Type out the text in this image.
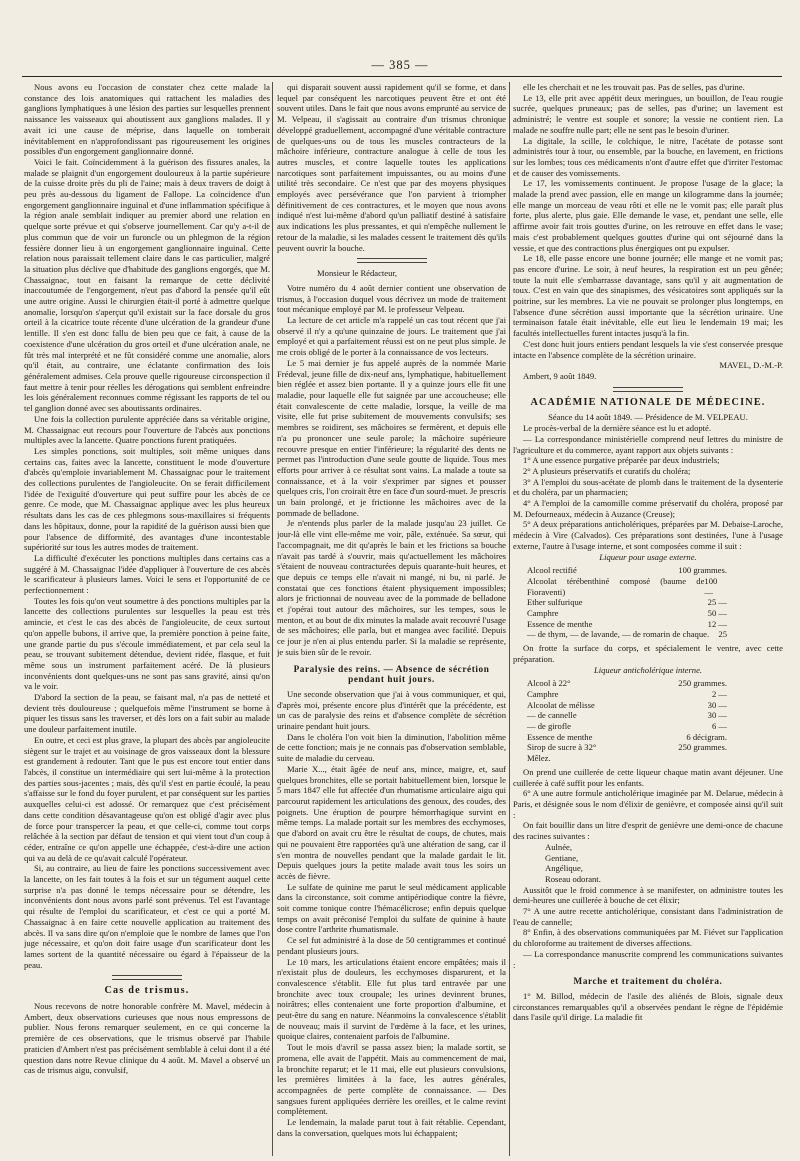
— 385 —

Nous avons eu l'occasion de constater chez cette malade la constance des lois anatomiques qui rattachent les maladies des ganglions lymphatiques à une lésion des parties sur lesquelles prennent naissance les vaisseaux qui aboutissent aux ganglions malades. Il y avait ici une cause de méprise, dans laquelle on tomberait inévitablement en n'approfondissant pas rigoureusement les origines possibles d'un engorgement ganglionnaire donné.

Voici le fait. Coïncidemment à la guérison des fissures anales, la malade se plaignit d'un engorgement douloureux à la partie supérieure de la cuisse droite près du pli de l'aine; mais à deux travers de doigt à peu près au-dessous du ligament de Fallope. La coïncidence d'un engorgement ganglionnaire inguinal et d'une inflammation spécifique à la région anale semblait indiquer au premier abord une relation en quelque sorte prévue et qui s'observe journellement. Car qu'y a-t-il de plus commun que de voir un furoncle ou un phlegmon de la région fessière donner lieu à un engorgement ganglionnaire inguinal. Cette relation nous paraissait tellement claire dans le cas particulier, malgré la situation plus déclive que d'habitude des ganglions engorgés, que M. Chassaignac, tout en faisant la remarque de cette déclivité inaccoutumée de l'engorgement, n'eut pas d'abord la pensée qu'il eût une autre origine. Aussi le chirurgien était-il porté à admettre quelque anomalie, lorsqu'on s'aperçut qu'il existait sur la face dorsale du gros orteil à la cicatrice toute récente d'une ulcération de la grandeur d'une lentille. Il s'en est donc fallu de bien peu que ce fait, à cause de la coexistence d'une ulcération du gros orteil et d'une ulcération anale, ne fût très mal interprété et ne fût considéré comme une anomalie, alors qu'il était, au contraire, une éclatante confirmation des lois généralement admises. Cela prouve quelle rigoureuse circonspection il faut mettre à tenir pour réelles les dérogations qui semblent enfreindre les lois généralement reconnues comme régissant les rapports de tel ou tel ganglion donné avec ses aboutissants ordinaires.

Une fois la collection purulente appréciée dans sa véritable origine, M. Chassaignac eut recours pour l'ouverture de l'abcès aux ponctions multiples avec la lancette. Quatre ponctions furent pratiquées.

Les simples ponctions, soit multiples, soit même uniques dans certains cas, faites avec la lancette, constituent le mode d'ouverture d'abcès qu'emploie invariablement M. Chassaignac pour le traitement des collections purulentes de l'angioleucite. On se ferait difficilement l'idée de l'exiguïté d'ouverture qui peut suffire pour les abcès de ce genre. Ce mode, que M. Chassaignac applique avec les plus heureux résultats dans les cas de ces phlegmons sous-maxillaires si fréquents dans les hôpitaux, donne, pour la rapidité de la guérison aussi bien que pour l'absence de difformité, des avantages d'une incontestable supériorité sur tous les autres modes de traitement.

La difficulté d'exécuter les ponctions multiples dans certains cas a suggéré à M. Chassaignac l'idée d'appliquer à l'ouverture de ces abcès le scarificateur à plusieurs lames. Voici le sens et l'opportunité de ce perfectionnement :

Toutes les fois qu'on veut soumettre à des ponctions multiples par la lancette des collections purulentes sur lesquelles la peau est très amincie, et c'est le cas des abcès de l'angioleucite, de ceux surtout qu'on appelle bubons, il arrive que, la première ponction à peine faite, une grande partie du pus s'écoule immédiatement, et par cela seul la peau, se trouvant subitement détendue, devient ridée, flasque, et fuit même sous un instrument parfaitement acéré. De là plusieurs inconvénients dont quelques-uns ne sont pas sans gravité, ainsi qu'on va le voir.

D'abord la section de la peau, se faisant mal, n'a pas de netteté et devient très douloureuse ; quelquefois même l'instrument se borne à piquer les tissus sans les traverser, et dès lors on a fait subir au malade une douleur parfaitement inutile.

En outre, et ceci est plus grave, la plupart des abcès par angioleucite siègent sur le trajet et au voisinage de gros vaisseaux dont la blessure est grandement à redouter. Tant que le pus est encore tout entier dans l'abcès, il constitue un intermédiaire qui sert lui-même à la protection des parties sous-jacentes ; mais, dès qu'il s'est en partie écoulé, la peau s'affaisse sur le fond du foyer purulent, et par conséquent sur les parties auxquelles celui-ci est adossé. Or remarquez que c'est précisément dans cette condition désavantageuse qu'on est obligé d'agir avec plus de force pour transpercer la peau, et que celle-ci, comme tout corps relâchée à la section par défaut de tension et qui vient tout d'un coup à céder, entraîne ce qu'on appelle une échappée, c'est-à-dire une action qui va au delà de ce qu'avait calculé l'opérateur.

Si, au contraire, au lieu de faire les ponctions successivement avec la lancette, on les fait toutes à la fois et sur un tégument auquel cette surprise n'a pas donné le temps nécessaire pour se détendre, les inconvénients dont nous avons parlé sont prévenus. Tel est l'avantage qui résulte de l'emploi du scarificateur, et c'est ce qui a porté M. Chassaignac à en faire cette nouvelle application au traitement des abcès. Il va sans dire qu'on n'emploie que le nombre de lames que l'on juge nécessaire, et qu'on doit faire usage d'un scarificateur dont les lames sortent de la quantité nécessaire ou égard à l'épaisseur de la peau.

Cas de trismus.

Nous recevons de notre honorable confrère M. Mavel, médecin à Ambert, deux observations curieuses que nous nous empressons de publier. Nous ferons remarquer seulement, en ce qui concerne la première de ces observations, que le trismus observé par l'habile praticien d'Ambert n'est pas précisément semblable à celui dont il a été question dans notre Revue clinique du 4 août. M. Mavel a observé un cas de trismus aigu, convulsif,

qui disparait souvent aussi rapidement qu'il se forme, et dans lequel par conséquent les narcotiques peuvent être et ont été souvent utiles. Dans le fait que nous avons emprunté au service de M. Velpeau, il s'agissait au contraire d'un trismus chronique développé graduellement, accompagné d'une véritable contracture de quelques-uns ou de tous les muscles contracteurs de la mâchoire inférieure, contracture analogue à celle de tous les autres muscles, et contre laquelle toutes les applications narcotiques sont parfaitement impuissantes, ou au moins d'une utilité très secondaire. Ce n'est que par des moyens physiques employés avec persévérance que l'on parvient à triompher définitivement de ces contractures, et le moyen que nous avons indiqué n'est lui-même d'abord qu'un palliatif destiné à satisfaire aux indications les plus pressantes, et qui n'empêche nullement le retour de la maladie, si les malades cessent le traitement dès qu'ils peuvent ouvrir la bouche.

Monsieur le Rédacteur,

Votre numéro du 4 août dernier contient une observation de trismus, à l'occasion duquel vous décrivez un mode de traitement tout mécanique employé par M. le professeur Velpeau.

La lecture de cet article m'a rappelé un cas tout récent que j'ai observé il n'y a qu'une quinzaine de jours. Le traitement que j'ai employé et qui a parfaitement réussi est on ne peut plus simple. Je me crois obligé de le porter à la connaissance de vos lecteurs.

Le 5 mai dernier je fus appelé auprès de la nommée Marie Frédeval, jeune fille de dix-neuf ans, lymphatique, habituellement bien réglée et assez bien portante. Il y a quinze jours elle fit une maladie, pour laquelle elle fut saignée par une accoucheuse; elle était convalescente de cette maladie, lorsque, la veille de ma visite, elle fut prise subitement de mouvements convulsifs; ses membres se roidirent, ses mâchoires se fermèrent, et depuis elle n'a pu prononcer une seule parole; la mâchoire supérieure recouvre presque en entier l'inférieure; la régularité des dents ne permet pas l'introduction d'une seule goutte de liquide. Tous mes efforts pour arriver à ce résultat sont vains. La malade a toute sa connaissance, et à la voir s'exprimer par signes et pousser quelques cris, l'on croirait être en face d'un sourd-muet. Je prescris un bain prolongé, et je frictionne les mâchoires avec de la pommade de belladone.

Je n'entends plus parler de la malade jusqu'au 23 juillet. Ce jour-là elle vint elle-même me voir, pâle, exténuée. Sa sœur, qui l'accompagnait, me dit qu'après le bain et les frictions sa bouche n'avait pas tardé à s'ouvrir, mais qu'actuellement les mâchoires s'étaient de nouveau contracturées depuis quarante-huit heures, et que depuis ce temps elle n'avait ni mangé, ni bu, ni parlé. Je constatai que ces fonctions étaient physiquement impossibles; alors je frictionnai de nouveau avec de la pommade de belladone et j'opérai tout autour des mâchoires, sur les tempes, sous le menton, et au bout de dix minutes la malade avait recouvré l'usage de ses mâchoires; elle parla, but et mangea avec facilité. Depuis ce jour je n'en ai plus entendu parler. Si la maladie se représente, je suis bien sûr de le revoir.

Paralysie des reins. — Absence de sécrétion pendant huit jours.

Une seconde observation que j'ai à vous communiquer, et qui, d'après moi, présente encore plus d'intérêt que la précédente, est un cas de paralysie des reins et d'absence complète de sécrétion urinaire pendant huit jours.

Dans le choléra l'on voit bien la diminution, l'abolition même de cette fonction; mais je ne connais pas d'observation semblable, suite de maladie du cerveau.

Marie X..., était âgée de neuf ans, mince, maigre, et, sauf quelques bronchites, elle se portait habituellement bien, lorsque le 5 mars 1847 elle fut affectée d'un rhumatisme articulaire aigu qui parcourut rapidement les articulations des genoux, des coudes, des poignets. Une éruption de pourpre hémorrhagique survint en même temps. La malade portait sur les membres des ecchymoses, que d'abord on avait cru être le résultat de coups, de chutes, mais qui ne pouvaient être rapportées qu'à une altération de sang, car il s'en montra de nouvelles pendant que la malade gardait le lit. Depuis quelques jours la petite malade avait tous les soirs un accès de fièvre.

Le sulfate de quinine me parut le seul médicament applicable dans la circonstance, soit comme antipériodique contre la fièvre, soit comme tonique contre l'hémacélicrose; enfin depuis quelque temps on avait préconisé l'emploi du sulfate de quinine à haute dose contre l'arthrite rhumatismale.

Ce sel fut administré à la dose de 50 centigrammes et continué pendant plusieurs jours.

Le 10 mars, les articulations étaient encore empâtées; mais il n'existait plus de douleurs, les ecchymoses disparurent, et la convalescence s'établit. Elle fut plus tard entravée par une bronchite avec toux croupale; les urines devinrent brunes, noirâtres; elles contenaient une forte proportion d'albumine, et peut-être du sang en nature. Néanmoins la convalescence s'établit de nouveau; mais il survint de l'œdème à la face, et les urines, quoique claires, contenaient parfois de l'albumine.

Tout le mois d'avril se passa assez bien; la malade sortit, se promena, elle avait de l'appétit. Mais au commencement de mai, la bronchite reparut; et le 11 mai, elle eut plusieurs convulsions, les premières limitées à la face, les autres générales, accompagnées de perte complète de connaissance. — Des sangsues furent appliquées derrière les oreilles, et le calme revint complètement.

Le lendemain, la malade parut tout à fait rétablie. Cependant, dans la conversation, quelques mots lui échappaient;

elle les cherchait et ne les trouvait pas. Pas de selles, pas d'urine.

Le 13, elle prit avec appétit deux meringues, un bouillon, de l'eau rougie sucrée, quelques pruneaux; pas de selles, pas d'urine; un lavement est administré; le ventre est souple et sonore; la vessie ne contient rien. La malade ne souffre nulle part; elle ne sent pas le besoin d'uriner.

La digitale, la scille, le colchique, le nitre, l'acétate de potasse sont administrés tour à tour, ou ensemble, par la bouche, en lavement, en frictions sur les lombes; tous ces médicaments n'ont d'autre effet que d'irriter l'estomac et de causer des vomissements.

Le 17, les vomissements continuent. Je propose l'usage de la glace; la malade la prend avec passion, elle en mange un kilogramme dans la journée; elle mange un morceau de veau rôti et elle ne le vomit pas; elle paraît plus forte, plus alerte, plus gaie. Elle demande le vase, et, pendant une selle, elle affirme avoir fait trois gouttes d'urine, on les retrouve en effet dans le vase; mais c'est probablement quelques gouttes d'urine qui ont séjourné dans la vessie, et que des contractions plus énergiques ont pu expulser.

Le 18, elle passe encore une bonne journée; elle mange et ne vomit pas; pas encore d'urine. Le soir, à neuf heures, la respiration est un peu gênée; toute la nuit elle s'embarrasse davantage, sans qu'il y ait augmentation de toux. C'est en vain que des sinapismes, des vésicatoires sont appliqués sur la poitrine, sur les membres. La vie ne pouvait se prolonger plus longtemps, en l'absence d'une sécrétion aussi importante que la sécrétion urinaire. Une terminaison fatale était inévitable, elle eut lieu le lendemain 19 mai; les facultés intellectuelles furent intactes jusqu'à la fin.

C'est donc huit jours entiers pendant lesquels la vie s'est conservée presque intacte en l'absence complète de la sécrétion urinaire.

MAVEL, D.-M.-P.

Ambert, 9 août 1849.

ACADÉMIE NATIONALE DE MÉDECINE.

Séance du 14 août 1849. — Présidence de M. VELPEAU.

Le procès-verbal de la dernière séance est lu et adopté.

— La correspondance ministérielle comprend neuf lettres du ministre de l'agriculture et du commerce, ayant rapport aux objets suivants :

1° A une essence purgative préparée par deux industriels;

2° A plusieurs préservatifs et curatifs du choléra;

3° A l'emploi du sous-acétate de plomb dans le traitement de la dysenterie et du choléra, par un pharmacien;

4° A l'emploi de la camomille comme préservatif du choléra, proposé par M. Defourneaux, médecin à Auzance (Creuse);

5° A deux préparations anticholériques, préparées par M. Debaise-Laroche, médecin à Vire (Calvados). Ces préparations sont destinées, l'une à l'usage externe, l'autre à l'usage interne, et sont composées comme il suit :

Liqueur pour usage externe.

Alcool rectifié	100 grammes.
Alcoolat térébenthiné composé (baume de Fioraventi)
100 —
Ether sulfurique	25 —
Camphre	50 —
Essence de menthe	12 —
— de thym, — de lavande, — de romarin de chaque. 25

On frotte la surface du corps, et spécialement le ventre, avec cette préparation.

Liqueur anticholérique interne.

Alcool à 22°	250 grammes.
Camphre	2 —
Alcoolat de mélisse	30 —
— de cannelle	30 —
— de girofle	6 —
Essence de menthe	6 décigram.
Sirop de sucre à 32°	250 grammes.
Mêlez.

On prend une cuillerée de cette liqueur chaque matin avant déjeuner. Une cuillerée à café suffit pour les enfants.

6° A une autre formule anticholérique imaginée par M. Delarue, médecin à Paris, et désignée sous le nom d'élixir de genièvre, et composée ainsi qu'il suit :

On fait bouillir dans un litre d'esprit de genièvre une demi-once de chacune des racines suivantes :

Aulnée,

Gentiane,

Angélique,

Roseau odorant.

Aussitôt que le froid commence à se manifester, on administre toutes les demi-heures une cuillerée à bouche de cet élixir;

7° A une autre recette anticholérique, consistant dans l'administration de l'eau de cannelle;

8° Enfin, à des observations communiquées par M. Fiévet sur l'application du chloroforme au traitement de diverses affections.

— La correspondance manuscrite comprend les communications suivantes :

Marche et traitement du choléra.

1° M. Billod, médecin de l'asile des aliénés de Blois, signale deux circonstances remarquables qu'il a observées pendant le règne de l'épidémie dans l'asile qu'il dirige. La maladie fit
